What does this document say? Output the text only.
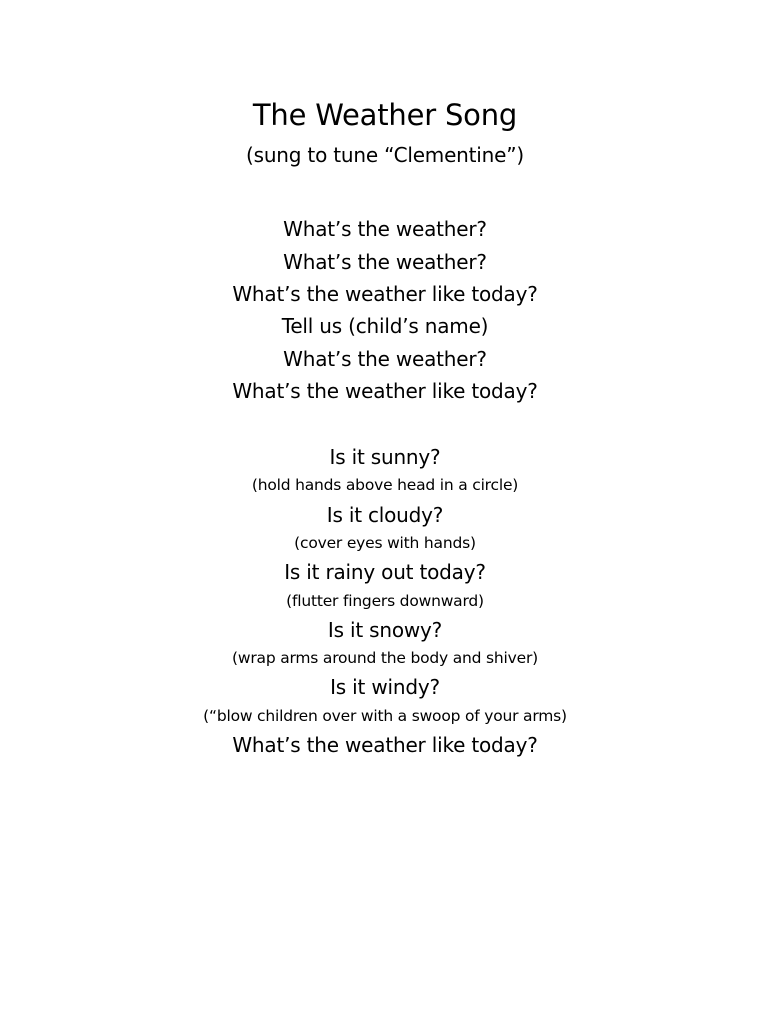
The Weather Song
(sung to tune “Clementine”)
What’s the weather?
What’s the weather?
What’s the weather like today?
Tell us (child’s name)
What’s the weather?
What’s the weather like today?
Is it sunny?
(hold hands above head in a circle)
Is it cloudy?
(cover eyes with hands)
Is it rainy out today?
(flutter fingers downward)
Is it snowy?
(wrap arms around the body and shiver)
Is it windy?
(“blow children over with a swoop of your arms)
What’s the weather like today?
